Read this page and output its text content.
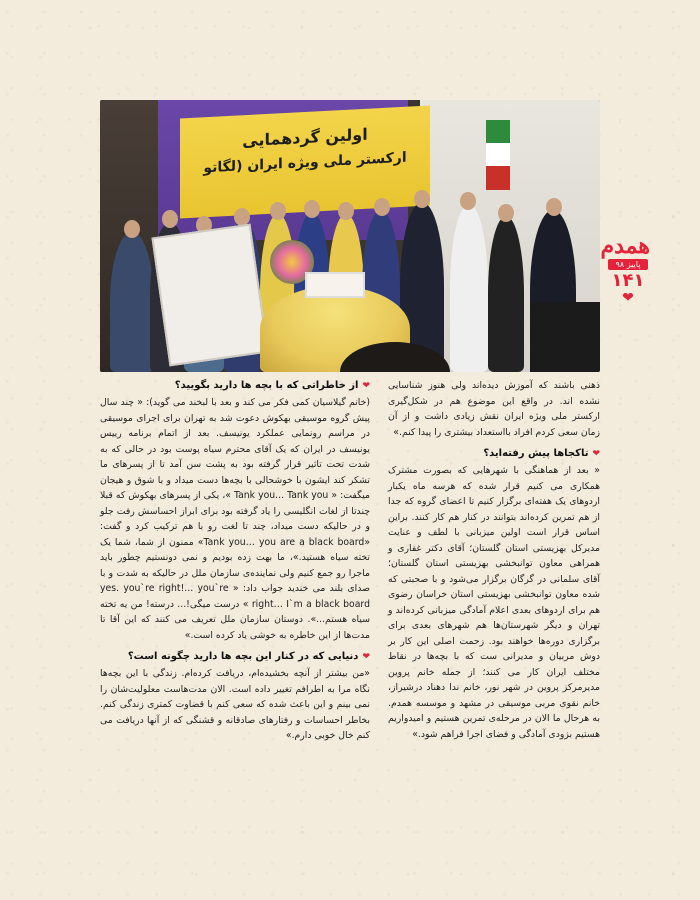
اولین گردهمایی
ارکستر ملی ویژه ایران (لگاتو
همدم
پاییز ۹۸
۱۴۱
❤

ذهنی باشند که آموزش دیده‌اند ولی هنوز شناسایی نشده اند. در واقع این موضوع هم در شکل‌گیری ارکستر ملی ویژه ایران نقش زیادی داشت و از آن زمان سعی کردم افراد بااستعداد بیشتری را پیدا کنم.»

❤تاکجاها پیش رفته‌اید؟

« بعد از هماهنگی با شهرهایی که بصورت مشترک همکاری می کنیم قرار شده که هرسه ماه یکبار اردوهای یک هفته‌ای برگزار کنیم تا اعضای گروه که جدا از هم تمرین کرده‌اند بتوانند در کنار هم کار کنند. براین اساس قرار است اولین میزبانی با لطف و عنایت مدیرکل بهزیستی استان گلستان؛ آقای دکتر غفاری و همراهی معاون توانبخشی بهزیستی استان گلستان؛ آقای سلمانی در گرگان برگزار می‌شود و با صحبتی که شده معاون توانبخشی بهزیستی استان خراسان رضوی هم برای اردوهای بعدی اعلام آمادگی میزبانی کرده‌اند و تهران و دیگر شهرستان‌ها هم شهرهای بعدی برای برگزاری دوره‌ها خواهند بود. زحمت اصلی این کار بر دوش مربیان و مدیرانی ست که با بچه‌ها در نقاط مختلف ایران کار می کنند؛ از جمله خانم پروین مدیرمرکز پروین در شهر نور، خانم ندا دهناد درشیراز، خانم نقوی مربی موسیقی در مشهد و موسسه همدم. به هرحال ما الان در مرحله‌ی تمرین هستیم و امیدواریم هستیم بزودی آمادگی و فضای اجرا فراهم شود.»

❤از خاطراتی که با بچه ها دارید بگویید؟

(خانم گیلاسیان کمی فکر می کند و بعد با لبخند می گوید): « چند سال پیش گروه موسیقی بهکوش دعوت شد به تهران برای اجرای موسیقی در مراسم رونمایی عملکرد یونیسف. بعد از اتمام برنامه رییس یونیسف در ایران که یک آقای محترم سیاه پوست بود در حالی که به شدت تحت تاثیر قرار گرفته بود به پشت سن آمد تا از پسرهای ما تشکر کند ایشون با خوشحالی با بچه‌ها دست میداد و با شوق و هیجان میگفت: « Tank you... Tank you »، یکی از پسرهای بهکوش که قبلا چندتا از لغات انگلیسی را یاد گرفته بود برای ابراز احساسش رفت جلو و در حالیکه دست میداد، چند تا لغت رو با هم ترکیب کرد و گفت: «Tank you… you are a black board» ممنون از شما، شما یک تخته سیاه هستید.»، ما بهت زده بودیم و نمی دونستیم چطور باید ماجرا رو جمع کنیم ولی نماینده‌ی سازمان ملل در حالیکه به شدت و با صدای بلند می خندید جواب داد: « yes. you`re right!... you`re right… I`m a black board » درست میگی!... درسته! من یه تخته سیاه هستم...». دوستان سازمان ملل تعریف می کنند که این آقا تا مدت‌ها از این خاطره به خوشی یاد کرده است.»

❤دنیایی که در کنار این بچه ها دارید چگونه است؟

«من بیشتر از آنچه بخشیده‌ام، دریافت کرده‌ام. زندگی با این بچه‌ها نگاه مرا به اطرافم تغییر داده است. الان مدت‌هاست معلولیت‌شان را نمی بینم و این باعث شده که سعی کنم با قضاوت کمتری زندگی کنم. بخاطر احساسات و رفتارهای صادقانه و قشنگی که از آنها دریافت می کنم خال خوبی دارم.»
